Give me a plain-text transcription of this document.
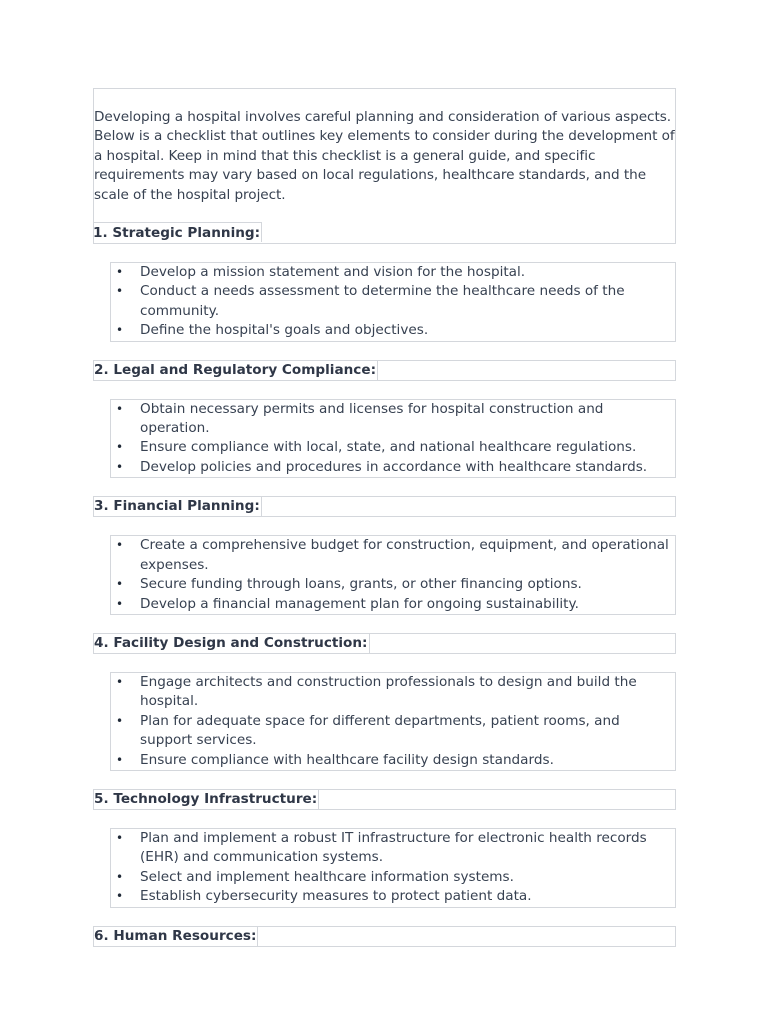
Developing a hospital involves careful planning and consideration of various aspects.
Below is a checklist that outlines key elements to consider during the development of
a hospital. Keep in mind that this checklist is a general guide, and specific
requirements may vary based on local regulations, healthcare standards, and the
scale of the hospital project.

1. Strategic Planning:
• Develop a mission statement and vision for the hospital.
• Conduct a needs assessment to determine the healthcare needs of the community.
• Define the hospital's goals and objectives.
2. Legal and Regulatory Compliance:
• Obtain necessary permits and licenses for hospital construction and operation.
• Ensure compliance with local, state, and national healthcare regulations.
• Develop policies and procedures in accordance with healthcare standards.
3. Financial Planning:
• Create a comprehensive budget for construction, equipment, and operational expenses.
• Secure funding through loans, grants, or other financing options.
• Develop a financial management plan for ongoing sustainability.
4. Facility Design and Construction:
• Engage architects and construction professionals to design and build the hospital.
• Plan for adequate space for different departments, patient rooms, and support services.
• Ensure compliance with healthcare facility design standards.
5. Technology Infrastructure:
• Plan and implement a robust IT infrastructure for electronic health records (EHR) and communication systems.
• Select and implement healthcare information systems.
• Establish cybersecurity measures to protect patient data.
6. Human Resources:
